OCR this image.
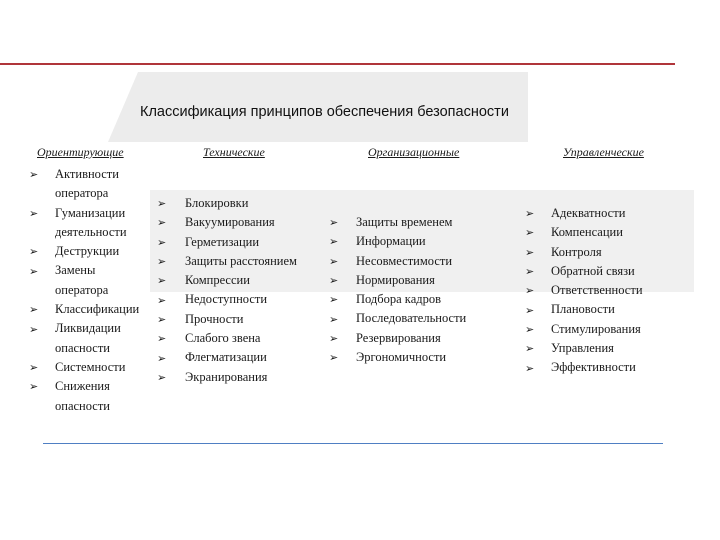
Классификация принципов обеспечения безопасности
Ориентирующие	Технические	Организационные	Управленческие
➢ Активности
оператора
➢ Гуманизации
деятельности
➢ Деструкции
➢ Замены
оператора
➢ Классификации
➢ Ликвидации
опасности
➢ Системности
➢ Снижения
опасности
➢ Блокировки
➢ Вакуумирования
➢ Герметизации
➢ Защиты расстоянием
➢ Компрессии
➢ Недоступности
➢ Прочности
➢ Слабого звена
➢ Флегматизации
➢ Экранирования
➢ Защиты временем
➢ Информации
➢ Несовместимости
➢ Нормирования
➢ Подбора кадров
➢ Последовательности
➢ Резервирования
➢ Эргономичности
➢ Адекватности
➢ Компенсации
➢ Контроля
➢ Обратной связи
➢ Ответственности
➢ Плановости
➢ Стимулирования
➢ Управления
➢ Эффективности
